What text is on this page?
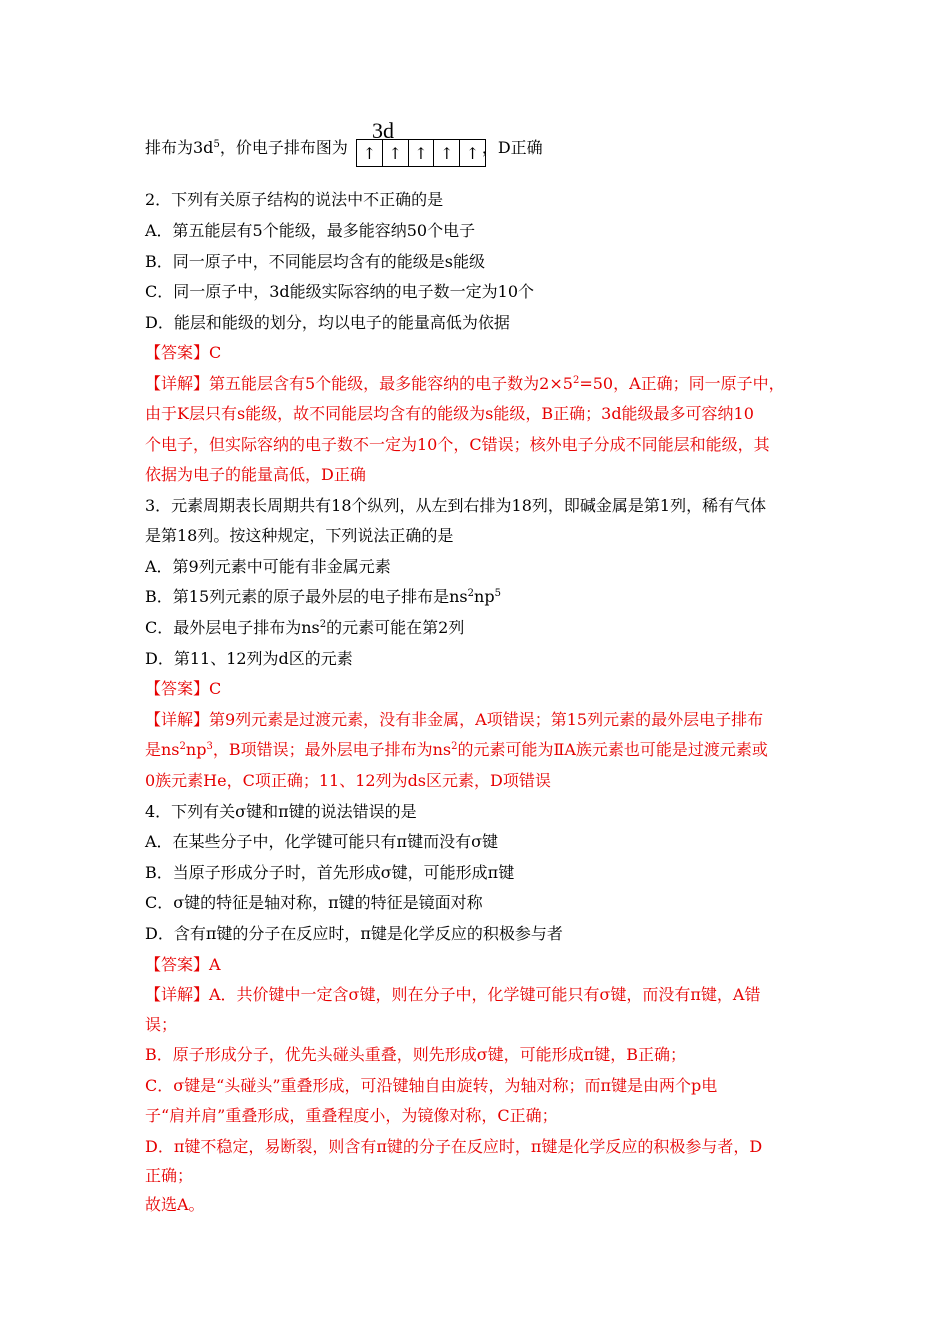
排布为$3d^5$，价电子排布图为	，D正确
3d
↑ ↑ ↑ ↑ ↑
2．下列有关原子结构的说法中不正确的是
A．第五能层有5个能级，最多能容纳50个电子
B．同一原子中，不同能层均含有的能级是s能级
C．同一原子中，3d能级实际容纳的电子数一定为10个
D．能层和能级的划分，均以电子的能量高低为依据
【答案】C
【详解】第五能层含有5个能级，最多能容纳的电子数为$2\times 5^2=50$，A正确；同一原子中，
由于K层只有s能级，故不同能层均含有的能级为s能级，B正确；3d能级最多可容纳10
个电子，但实际容纳的电子数不一定为10个，C错误；核外电子分成不同能层和能级，其
依据为电子的能量高低，D正确
3．元素周期表长周期共有18个纵列，从左到右排为18列，即碱金属是第1列，稀有气体
是第18列。按这种规定，下列说法正确的是
A．第9列元素中可能有非金属元素
B．第15列元素的原子最外层的电子排布是$ns^2np^5$
C．最外层电子排布为$ns^2$的元素可能在第2列
D．第11、12列为d区的元素
【答案】C
【详解】第9列元素是过渡元素，没有非金属，A项错误；第15列元素的最外层电子排布
是$ns^2np^3$，B项错误；最外层电子排布为$ns^2$的元素可能为ⅡA族元素也可能是过渡元素或
0族元素He，C项正确；11、12列为ds区元素，D项错误
4．下列有关σ键和π键的说法错误的是
A．在某些分子中，化学键可能只有π键而没有σ键
B．当原子形成分子时，首先形成σ键，可能形成π键
C．σ键的特征是轴对称，π键的特征是镜面对称
D．含有π键的分子在反应时，π键是化学反应的积极参与者
【答案】A
【详解】A．共价键中一定含σ键，则在分子中，化学键可能只有σ键，而没有π键，A错
误；
B．原子形成分子，优先头碰头重叠，则先形成σ键，可能形成π键，B正确；
C．σ键是“头碰头”重叠形成，可沿键轴自由旋转，为轴对称；而π键是由两个p电
子“肩并肩”重叠形成，重叠程度小，为镜像对称，C正确；
D．π键不稳定，易断裂，则含有π键的分子在反应时，π键是化学反应的积极参与者，D
正确；
故选A。
